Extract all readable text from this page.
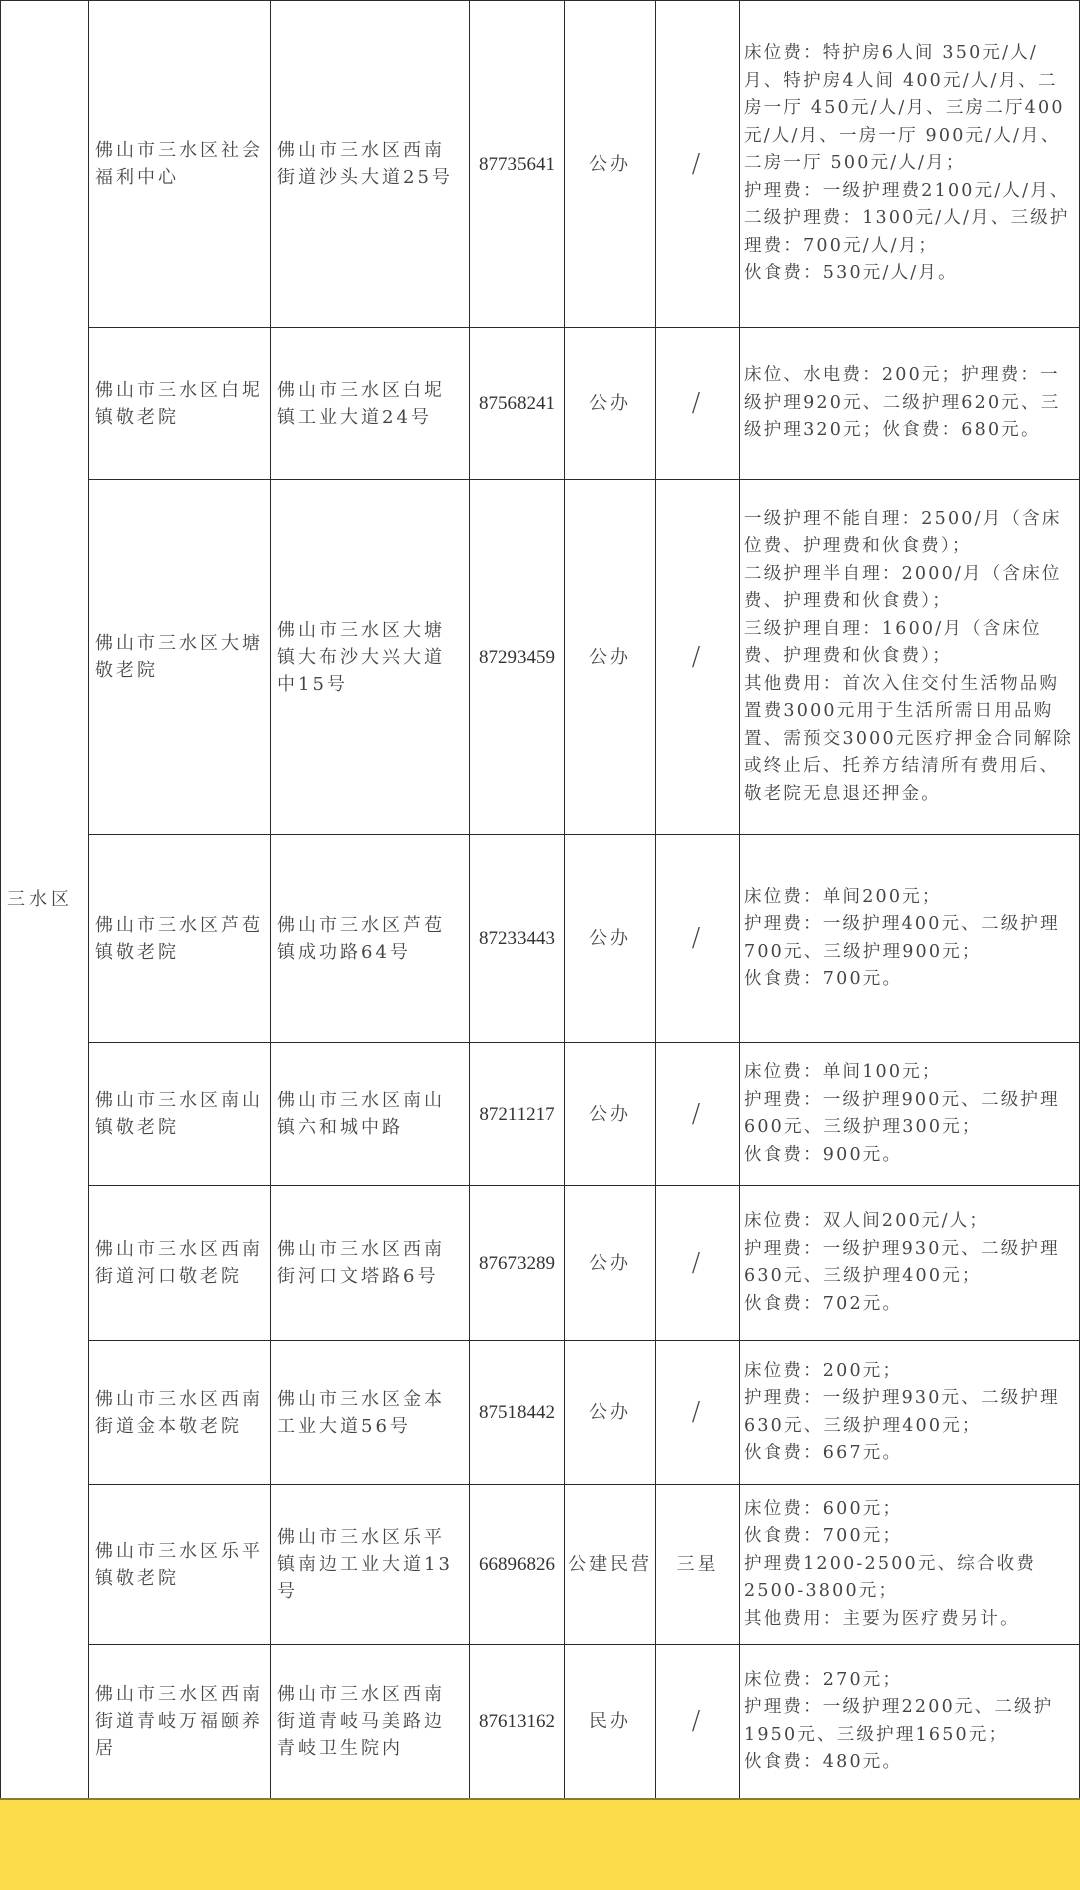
三水区	佛山市三水区社会福利中心	佛山市三水区西南街道沙头大道25号	87735641	公办	/	床位费：特护房6人间 350元/人/月、特护房4人间 400元/人/月、二房一厅 450元/人/月、三房二厅400元/人/月、一房一厅 900元/人/月、二房一厅 500元/人/月；
护理费：一级护理费2100元/人/月、
二级护理费：1300元/人/月、三级护理费：700元/人/月；
伙食费：530元/人/月。

	佛山市三水区白坭镇敬老院	佛山市三水区白坭镇工业大道24号	87568241	公办	/	床位、水电费：200元；护理费：一级护理920元、二级护理620元、三级护理320元；伙食费：680元。

	佛山市三水区大塘敬老院	佛山市三水区大塘镇大布沙大兴大道中15号	87293459	公办	/	一级护理不能自理：2500/月（含床位费、护理费和伙食费）；
二级护理半自理：2000/月（含床位费、护理费和伙食费）；
三级护理自理：1600/月（含床位费、护理费和伙食费）；
其他费用：首次入住交付生活物品购置费3000元用于生活所需日用品购置、需预交3000元医疗押金合同解除或终止后、托养方结清所有费用后、敬老院无息退还押金。

	佛山市三水区芦苞镇敬老院	佛山市三水区芦苞镇成功路64号	87233443	公办	/	床位费：单间200元；
护理费：一级护理400元、二级护理700元、三级护理900元；
伙食费：700元。

	佛山市三水区南山镇敬老院	佛山市三水区南山镇六和城中路	87211217	公办	/	床位费：单间100元；
护理费：一级护理900元、二级护理600元、三级护理300元；
伙食费：900元。

	佛山市三水区西南街道河口敬老院	佛山市三水区西南街河口文塔路6号	87673289	公办	/	床位费：双人间200元/人；
护理费：一级护理930元、二级护理630元、三级护理400元；
伙食费：702元。

	佛山市三水区西南街道金本敬老院	佛山市三水区金本工业大道56号	87518442	公办	/	床位费：200元；
护理费：一级护理930元、二级护理630元、三级护理400元；
伙食费：667元。

	佛山市三水区乐平镇敬老院	佛山市三水区乐平镇南边工业大道13号	66896826	公建民营	三星	床位费：600元；
伙食费：700元；
护理费1200-2500元、综合收费2500-3800元；
其他费用：主要为医疗费另计。

	佛山市三水区西南街道青岐万福颐养居	佛山市三水区西南街道青岐马美路边青岐卫生院内	87613162	民办	/	床位费：270元；
护理费：一级护理2200元、二级护1950元、三级护理1650元；
伙食费：480元。
